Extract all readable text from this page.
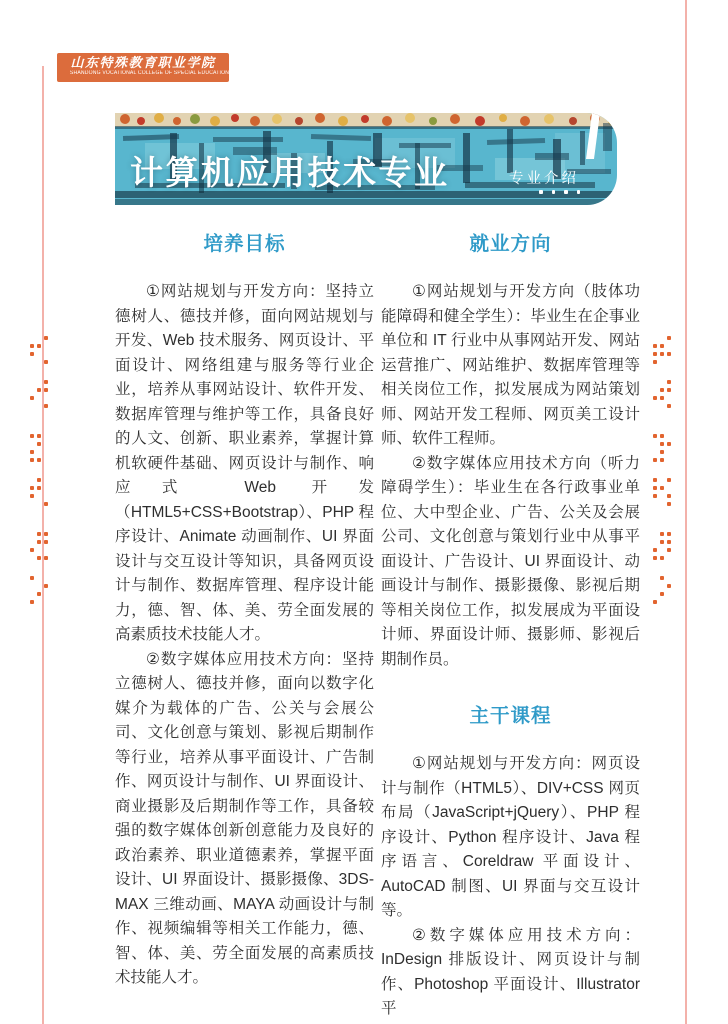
山东特殊教育职业学院
SHANDONG VOCATIONAL COLLEGE OF SPECIAL EDUCATION
计算机应用技术专业	专业介绍
培养目标

①网站规划与开发方向：坚持立德树人、德技并修，面向网站规划与开发、Web 技术服务、网页设计、平面设计、网络组建与服务等行业企业，培养从事网站设计、软件开发、数据库管理与维护等工作，具备良好的人文、创新、职业素养，掌握计算机软硬件基础、网页设计与制作、响应式 Web 开发（HTML5+CSS+Bootstrap）、PHP 程序设计、Animate 动画制作、UI 界面设计与交互设计等知识，具备网页设计与制作、数据库管理、程序设计能力，德、智、体、美、劳全面发展的高素质技术技能人才。

②数字媒体应用技术方向：坚持立德树人、德技并修，面向以数字化媒介为载体的广告、公关与会展公司、文化创意与策划、影视后期制作等行业，培养从事平面设计、广告制作、网页设计与制作、UI 界面设计、商业摄影及后期制作等工作，具备较强的数字媒体创新创意能力及良好的政治素养、职业道德素养，掌握平面设计、UI 界面设计、摄影摄像、3DS-MAX 三维动画、MAYA 动画设计与制作、视频编辑等相关工作能力，德、智、体、美、劳全面发展的高素质技术技能人才。

就业方向

①网站规划与开发方向（肢体功能障碍和健全学生）：毕业生在企事业单位和 IT 行业中从事网站开发、网站运营推广、网站维护、数据库管理等相关岗位工作，拟发展成为网站策划师、网站开发工程师、网页美工设计师、软件工程师。

②数字媒体应用技术方向（听力障碍学生）：毕业生在各行政事业单位、大中型企业、广告、公关及会展公司、文化创意与策划行业中从事平面设计、广告设计、UI 界面设计、动画设计与制作、摄影摄像、影视后期等相关岗位工作，拟发展成为平面设计师、界面设计师、摄影师、影视后期制作员。

主干课程

①网站规划与开发方向：网页设计与制作（HTML5）、DIV+CSS 网页布局（JavaScript+jQuery）、PHP 程序设计、Python 程序设计、Java 程序语言、Coreldraw 平面设计、AutoCAD 制图、UI 界面与交互设计等。

②数字媒体应用技术方向：InDesign 排版设计、网页设计与制作、Photoshop 平面设计、Illustrator 平
